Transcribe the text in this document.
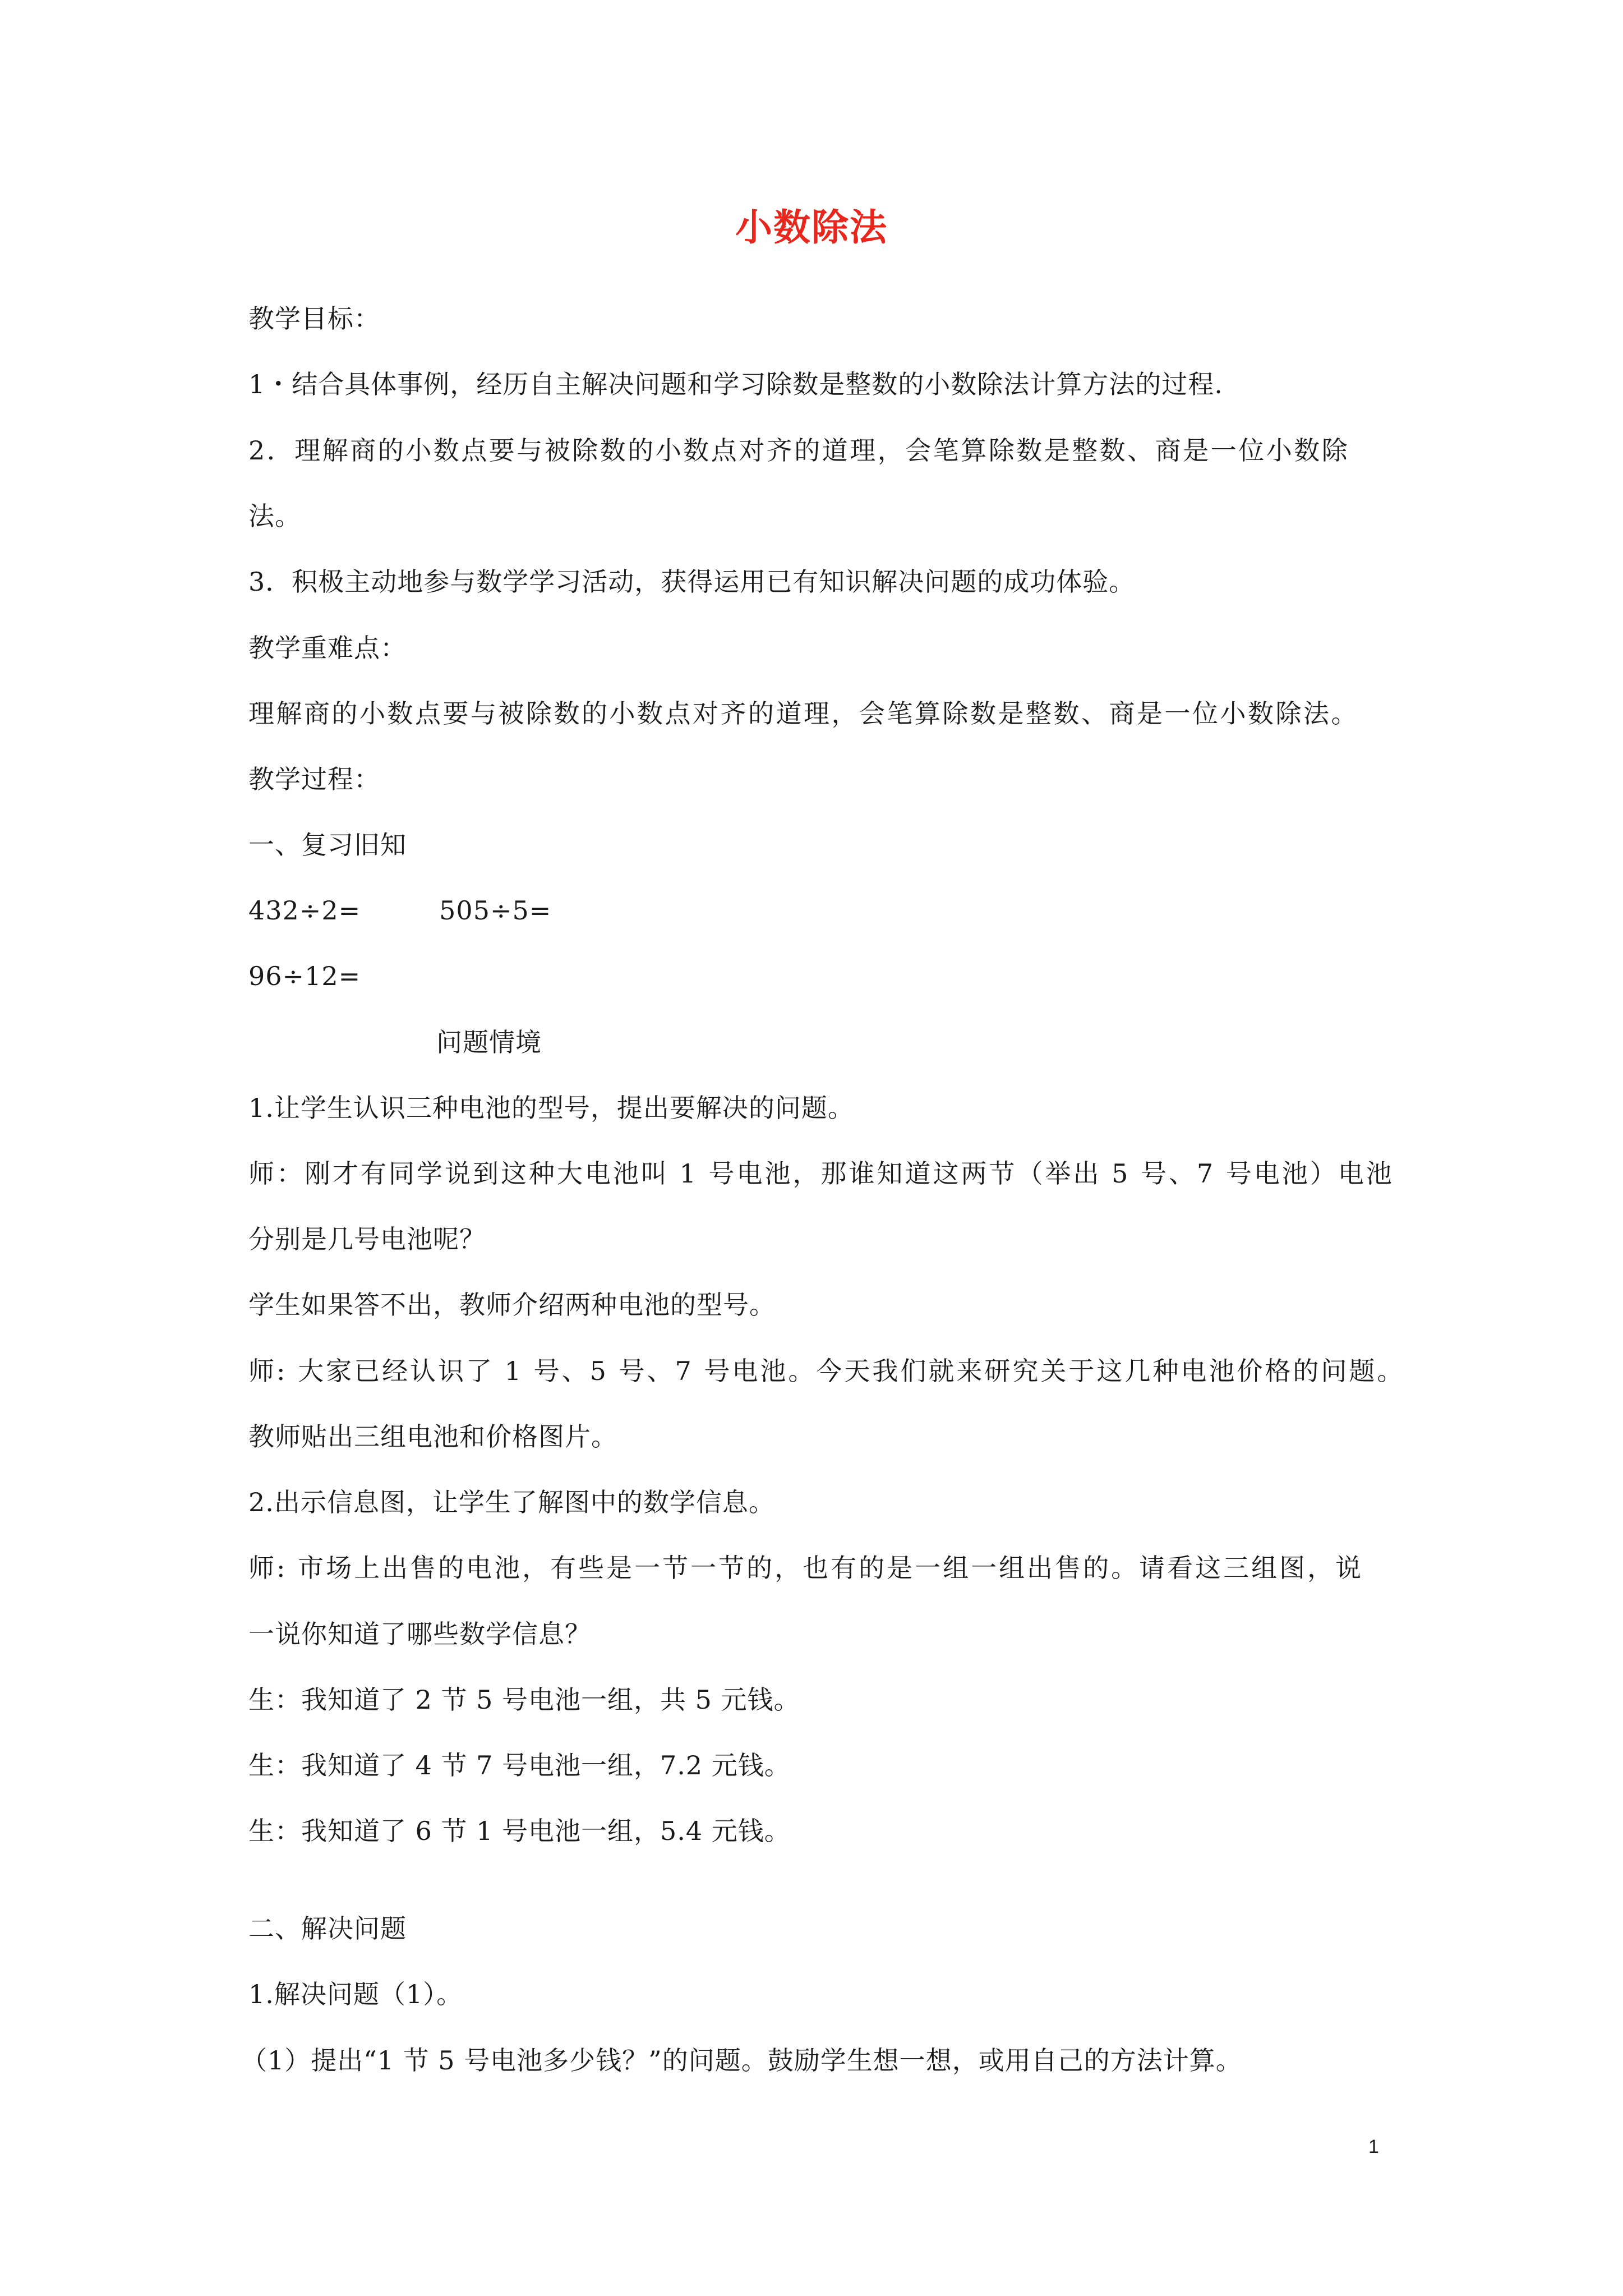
小数除法
教学目标：
1・结合具体事例，经历自主解决问题和学习除数是整数的小数除法计算方法的过程.
2．理解商的小数点要与被除数的小数点对齐的道理，会笔算除数是整数、商是一位小数除
法。
3．积极主动地参与数学学习活动，获得运用已有知识解决问题的成功体验。
教学重难点：
理解商的小数点要与被除数的小数点对齐的道理，会笔算除数是整数、商是一位小数除法。
教学过程：
一、复习旧知
432÷2=	505÷5=
96÷12=
问题情境
1.让学生认识三种电池的型号，提出要解决的问题。
师：刚才有同学说到这种大电池叫 1 号电池，那谁知道这两节（举出 5 号、7 号电池）电池
分别是几号电池呢？
学生如果答不出，教师介绍两种电池的型号。
师: 大家已经认识了 1 号、5 号、7 号电池。今天我们就来研究关于这几种电池价格的问题。
教师贴出三组电池和价格图片。
2.出示信息图，让学生了解图中的数学信息。
师: 市场上出售的电池，有些是一节一节的，也有的是一组一组出售的。请看这三组图，说
一说你知道了哪些数学信息？
生：我知道了 2 节 5 号电池一组，共 5 元钱。
生：我知道了 4 节 7 号电池一组，7.2 元钱。
生：我知道了 6 节 1 号电池一组，5.4 元钱。
二、解决问题
1.解决问题（1）。
（1）提出“1 节 5 号电池多少钱？”的问题。鼓励学生想一想，或用自己的方法计算。
1
